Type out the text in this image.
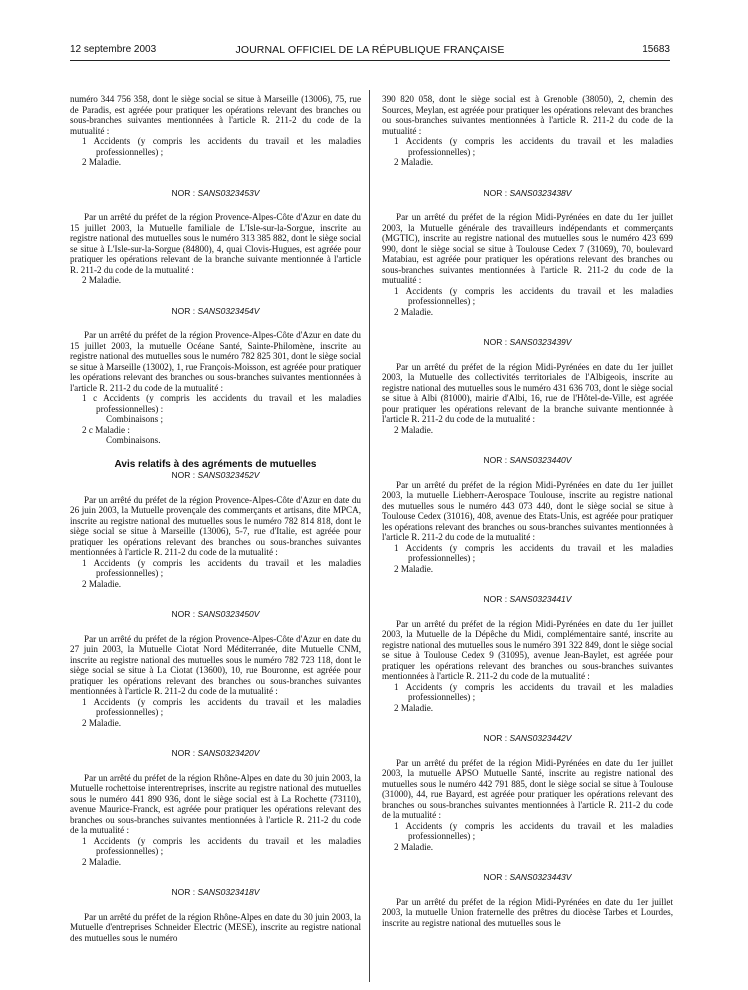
12 septembre 2003	JOURNAL OFFICIEL DE LA RÉPUBLIQUE FRANÇAISE	15683

numéro 344 756 358, dont le siège social se situe à Marseille (13006), 75, rue de Paradis, est agréée pour pratiquer les opérations relevant des branches ou sous-branches suivantes mentionnées à l'article R. 211-2 du code de la mutualité :

1 Accidents (y compris les accidents du travail et les maladies professionnelles) ;

2 Maladie.

NOR : SANS0323453V

Par un arrêté du préfet de la région Provence-Alpes-Côte d'Azur en date du 15 juillet 2003, la Mutuelle familiale de L'Isle-sur-la-Sorgue, inscrite au registre national des mutuelles sous le numéro 313 385 882, dont le siège social se situe à L'Isle-sur-la-Sorgue (84800), 4, quai Clovis-Hugues, est agréée pour pratiquer les opérations relevant de la branche suivante mentionnée à l'article R. 211-2 du code de la mutualité :

2 Maladie.

NOR : SANS0323454V

Par un arrêté du préfet de la région Provence-Alpes-Côte d'Azur en date du 15 juillet 2003, la mutuelle Océane Santé, Sainte-Philomène, inscrite au registre national des mutuelles sous le numéro 782 825 301, dont le siège social se situe à Marseille (13002), 1, rue François-Moisson, est agréée pour pratiquer les opérations relevant des branches ou sous-branches suivantes mentionnées à l'article R. 211-2 du code de la mutualité :

1 c Accidents (y compris les accidents du travail et les maladies professionnelles) :

Combinaisons ;

2 c Maladie :

Combinaisons.

Avis relatifs à des agréments de mutuelles

NOR : SANS0323452V

Par un arrêté du préfet de la région Provence-Alpes-Côte d'Azur en date du 26 juin 2003, la Mutuelle provençale des commerçants et artisans, dite MPCA, inscrite au registre national des mutuelles sous le numéro 782 814 818, dont le siège social se situe à Marseille (13006), 5-7, rue d'Italie, est agréée pour pratiquer les opérations relevant des branches ou sous-branches suivantes mentionnées à l'article R. 211-2 du code de la mutualité :

1 Accidents (y compris les accidents du travail et les maladies professionnelles) ;

2 Maladie.

NOR : SANS0323450V

Par un arrêté du préfet de la région Provence-Alpes-Côte d'Azur en date du 27 juin 2003, la Mutuelle Ciotat Nord Méditerranée, dite Mutuelle CNM, inscrite au registre national des mutuelles sous le numéro 782 723 118, dont le siège social se situe à La Ciotat (13600), 10, rue Bouronne, est agréée pour pratiquer les opérations relevant des branches ou sous-branches suivantes mentionnées à l'article R. 211-2 du code de la mutualité :

1 Accidents (y compris les accidents du travail et les maladies professionnelles) ;

2 Maladie.

NOR : SANS0323420V

Par un arrêté du préfet de la région Rhône-Alpes en date du 30 juin 2003, la Mutuelle rochettoise interentreprises, inscrite au registre national des mutuelles sous le numéro 441 890 936, dont le siège social est à La Rochette (73110), avenue Maurice-Franck, est agréée pour pratiquer les opérations relevant des branches ou sous-branches suivantes mentionnées à l'article R. 211-2 du code de la mutualité :

1 Accidents (y compris les accidents du travail et les maladies professionnelles) ;

2 Maladie.

NOR : SANS0323418V

Par un arrêté du préfet de la région Rhône-Alpes en date du 30 juin 2003, la Mutuelle d'entreprises Schneider Electric (MESE), inscrite au registre national des mutuelles sous le numéro

390 820 058, dont le siège social est à Grenoble (38050), 2, chemin des Sources, Meylan, est agréée pour pratiquer les opérations relevant des branches ou sous-branches suivantes mentionnées à l'article R. 211-2 du code de la mutualité :

1 Accidents (y compris les accidents du travail et les maladies professionnelles) ;

2 Maladie.

NOR : SANS0323438V

Par un arrêté du préfet de la région Midi-Pyrénées en date du 1er juillet 2003, la Mutuelle générale des travailleurs indépendants et commerçants (MGTIC), inscrite au registre national des mutuelles sous le numéro 423 699 990, dont le siège social se situe à Toulouse Cedex 7 (31069), 70, boulevard Matabiau, est agréée pour pratiquer les opérations relevant des branches ou sous-branches suivantes mentionnées à l'article R. 211-2 du code de la mutualité :

1 Accidents (y compris les accidents du travail et les maladies professionnelles) ;

2 Maladie.

NOR : SANS0323439V

Par un arrêté du préfet de la région Midi-Pyrénées en date du 1er juillet 2003, la Mutuelle des collectivités territoriales de l'Albigeois, inscrite au registre national des mutuelles sous le numéro 431 636 703, dont le siège social se situe à Albi (81000), mairie d'Albi, 16, rue de l'Hôtel-de-Ville, est agréée pour pratiquer les opérations relevant de la branche suivante mentionnée à l'article R. 211-2 du code de la mutualité :

2 Maladie.

NOR : SANS0323440V

Par un arrêté du préfet de la région Midi-Pyrénées en date du 1er juillet 2003, la mutuelle Liebherr-Aerospace Toulouse, inscrite au registre national des mutuelles sous le numéro 443 073 440, dont le siège social se situe à Toulouse Cedex (31016), 408, avenue des Etats-Unis, est agréée pour pratiquer les opérations relevant des branches ou sous-branches suivantes mentionnées à l'article R. 211-2 du code de la mutualité :

1 Accidents (y compris les accidents du travail et les maladies professionnelles) ;

2 Maladie.

NOR : SANS0323441V

Par un arrêté du préfet de la région Midi-Pyrénées en date du 1er juillet 2003, la Mutuelle de la Dépêche du Midi, complémentaire santé, inscrite au registre national des mutuelles sous le numéro 391 322 849, dont le siège social se situe à Toulouse Cedex 9 (31095), avenue Jean-Baylet, est agréée pour pratiquer les opérations relevant des branches ou sous-branches suivantes mentionnées à l'article R. 211-2 du code de la mutualité :

1 Accidents (y compris les accidents du travail et les maladies professionnelles) ;

2 Maladie.

NOR : SANS0323442V

Par un arrêté du préfet de la région Midi-Pyrénées en date du 1er juillet 2003, la mutuelle APSO Mutuelle Santé, inscrite au registre national des mutuelles sous le numéro 442 791 885, dont le siège social se situe à Toulouse (31000), 44, rue Bayard, est agréée pour pratiquer les opérations relevant des branches ou sous-branches suivantes mentionnées à l'article R. 211-2 du code de la mutualité :

1 Accidents (y compris les accidents du travail et les maladies professionnelles) ;

2 Maladie.

NOR : SANS0323443V

Par un arrêté du préfet de la région Midi-Pyrénées en date du 1er juillet 2003, la mutuelle Union fraternelle des prêtres du diocèse Tarbes et Lourdes, inscrite au registre national des mutuelles sous le
